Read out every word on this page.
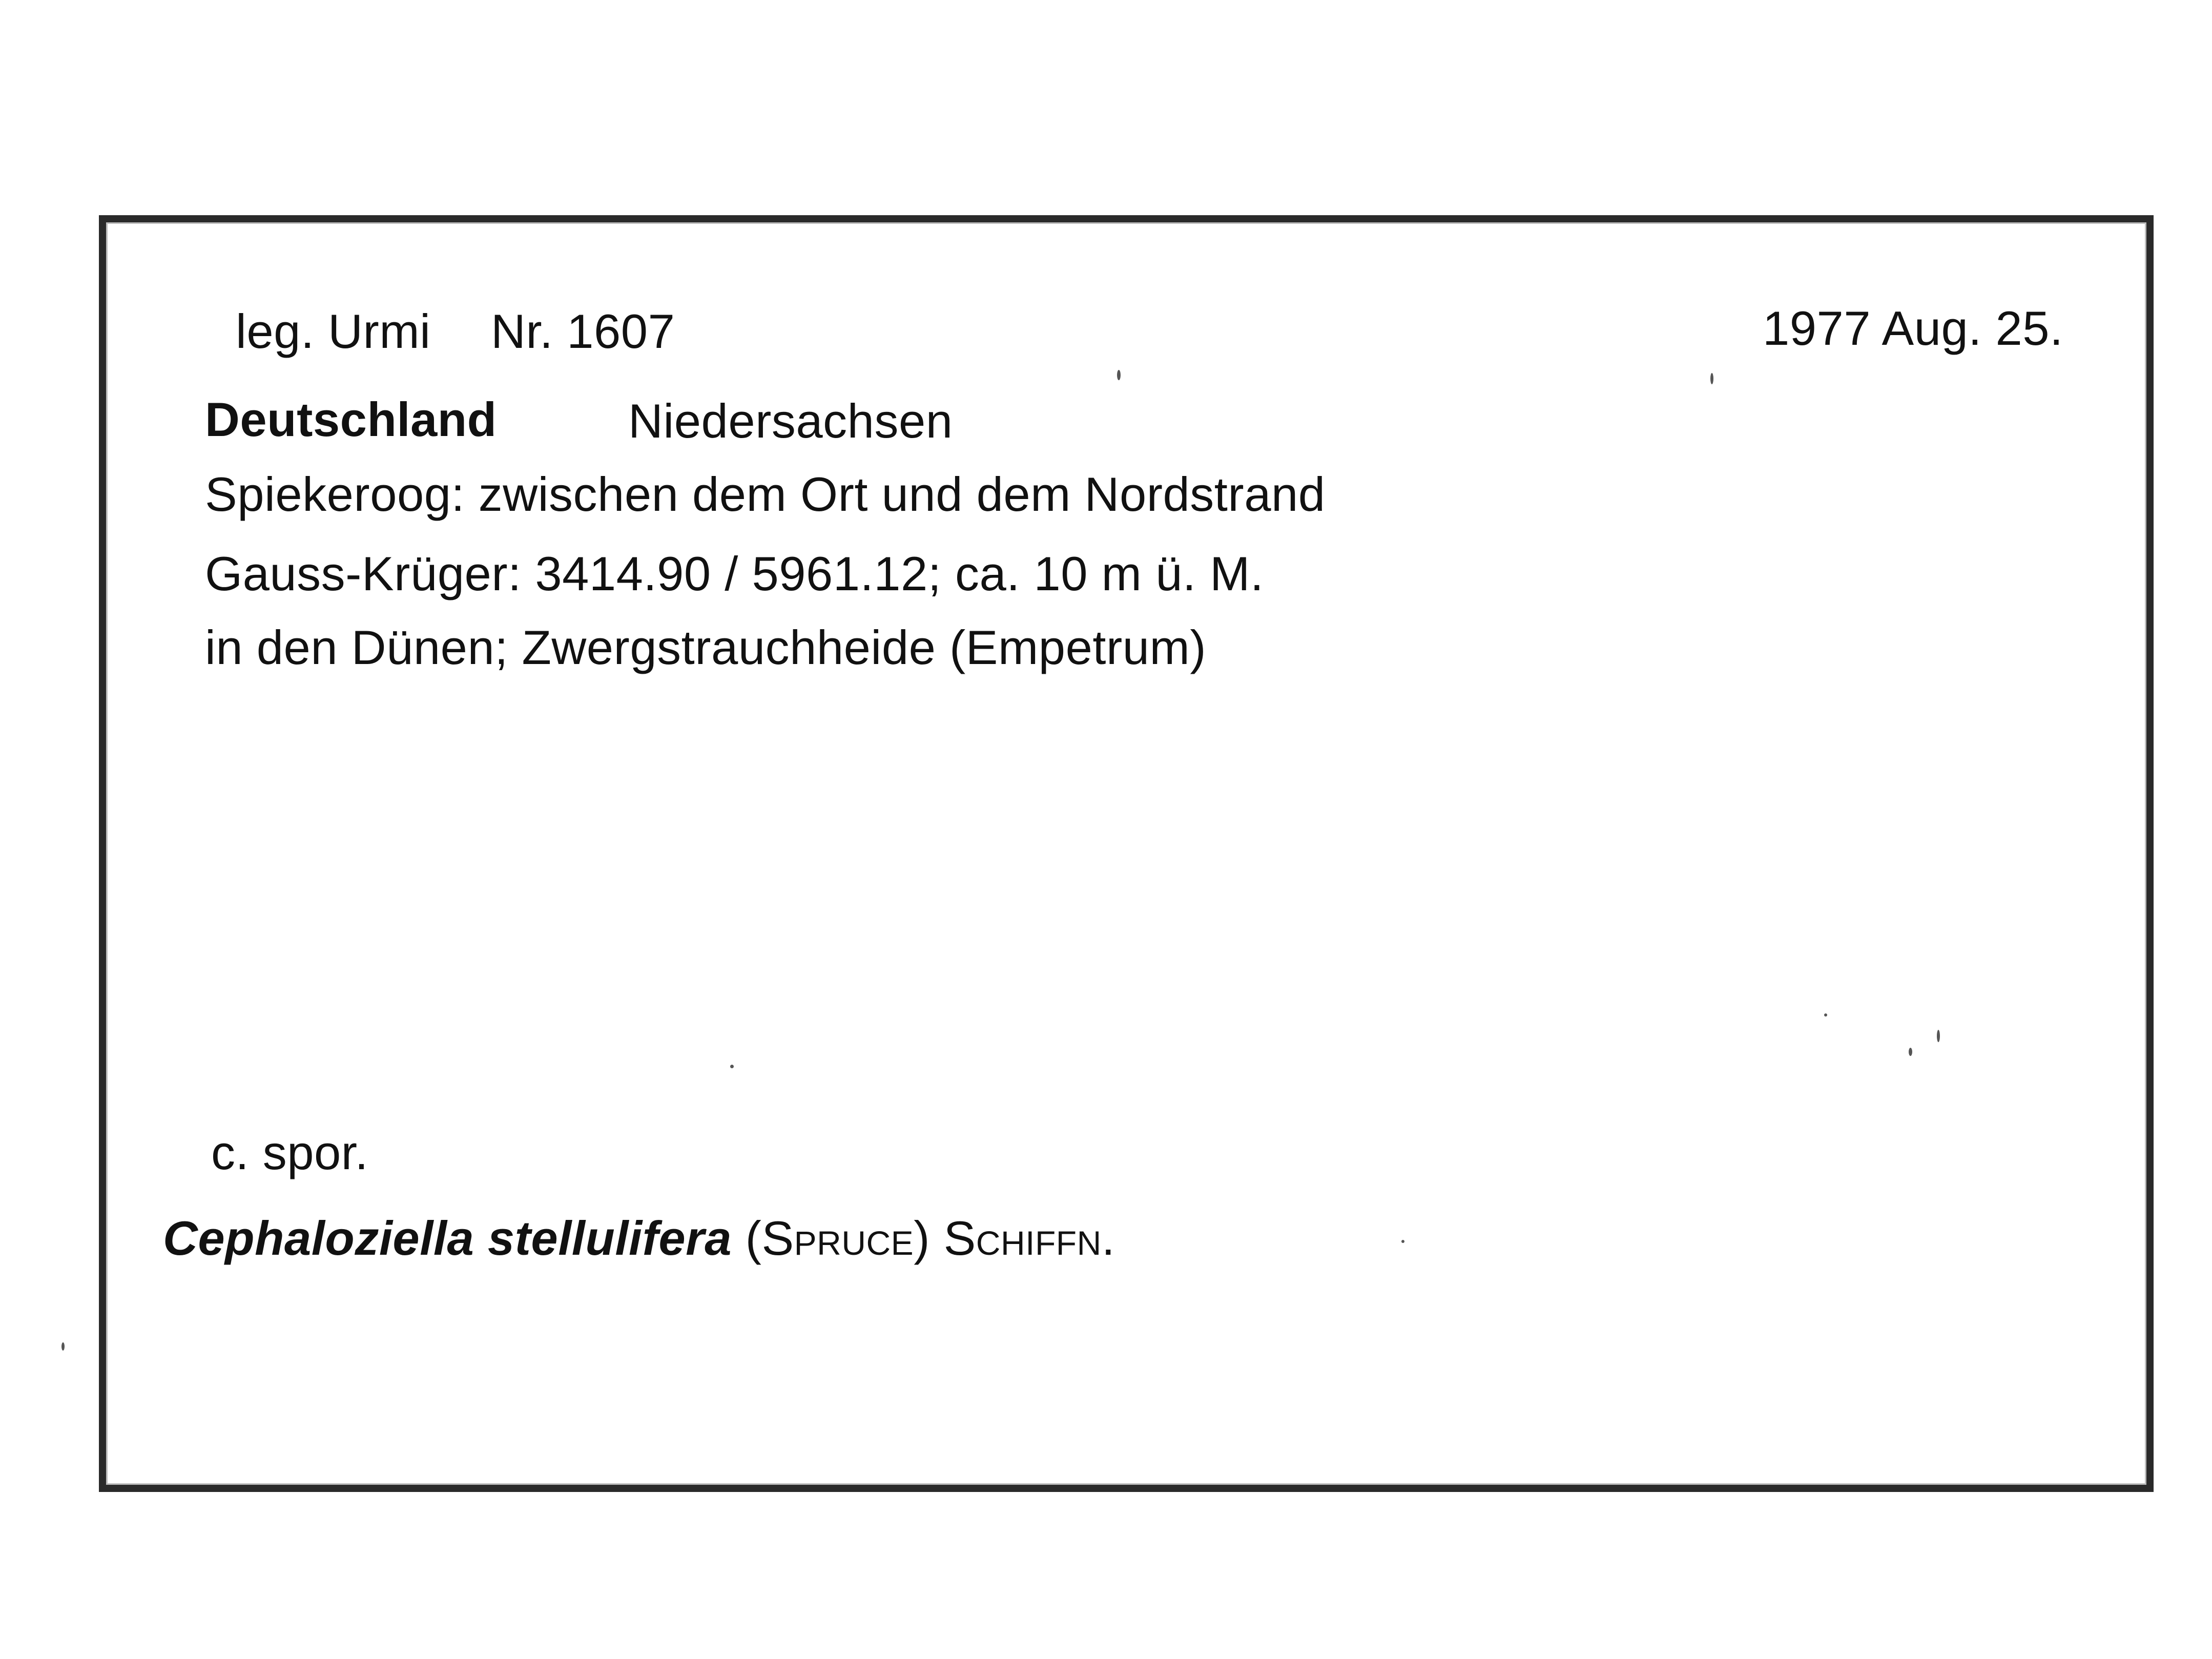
leg. Urmi Nr. 1607	1977 Aug. 25.
Deutschland	Niedersachsen
Spiekeroog: zwischen dem Ort und dem Nordstrand
Gauss-Krüger: 3414.90 / 5961.12; ca. 10 m ü. M.
in den Dünen; Zwergstrauchheide (Empetrum)
c. spor.
Cephaloziella stellulifera (Spruce) Schiffn.
